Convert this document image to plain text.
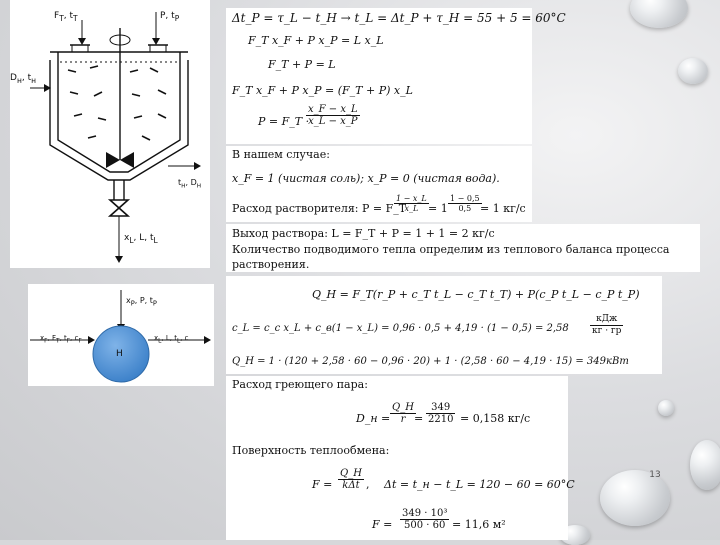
$F_T$, $t_T$	P, $t_P$
$D_н$, $t_н$
$t_н$, $D_н$
$x_L$, L, $t_L$
$x_P$, P, $t_P$
$x_F$, $F_T$, $t_F$, $c_F$	$x_L$, L, $t_L$, c
H
Δt_P = τ_L − t_H → t_L = Δt_P + τ_H = 55 + 5 = 60°C
F_T x_F + P x_P = L x_L
F_T + P = L
F_T x_F + P x_P = (F_T + P) x_L
P = F_T ·
$\frac{x\_F - x\_L}{x\_L - x\_P}$
В нашем случае:
x_F = 1 (чистая соль); x_P = 0 (чистая вода).
Расход растворителя: P = F_T
$\frac{1 - x\_L}{x\_L} = 1 \frac{1 - 0,5}{0,5}$
= 1 кг/с
Выход раствора: L = F_T + P = 1 + 1 = 2 кг/с
Количество подводимого тепла определим из теплового баланса процесса
растворения.
Q_H = F_T(r_P + c_T t_L − c_T t_T) + P(c_P t_L − c_P t_P)
c_L = c_c x_L + c_в(1 − x_L) = 0,96 · 0,5 + 4,19 · (1 − 0,5) = 2,58
кДж
кг · гр
Q_H = 1 · (120 + 2,58 · 60 − 0,96 · 20) + 1 · (2,58 · 60 − 4,19 · 15) = 349кВт
Расход греющего пара:
D_н = $\frac{Q\_H}{r}$
= $\frac{349}{2210} = 0,158$ кг/с
Поверхность теплообмена:
F =
Q_H
kΔt , Δt = t_н − t_L = 120 − 60 = 60°C
$F = \frac{\text{349 · 10³}}{500 \cdot 60} = 11,6$ м²
13
